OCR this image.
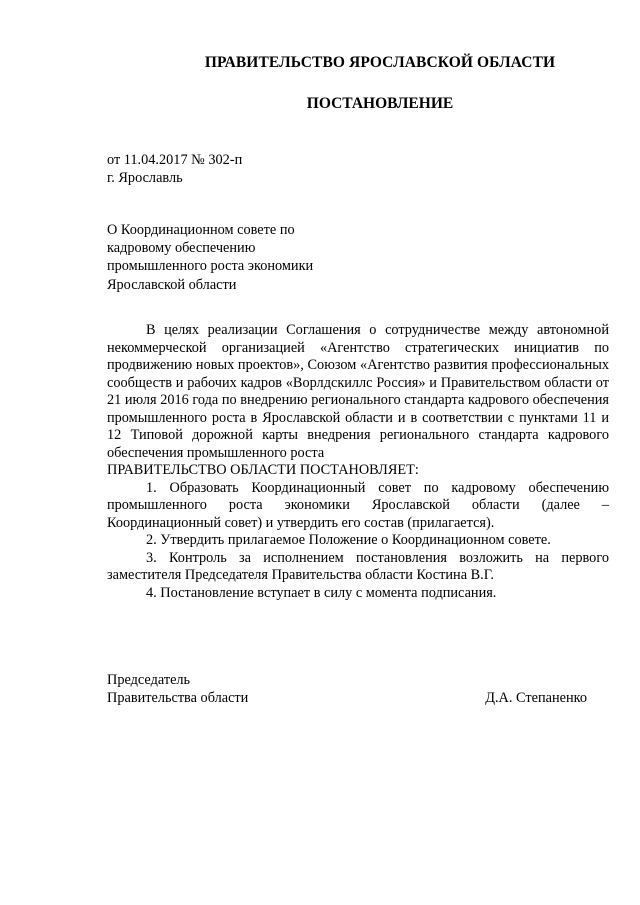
ПРАВИТЕЛЬСТВО ЯРОСЛАВСКОЙ ОБЛАСТИ
ПОСТАНОВЛЕНИЕ
от 11.04.2017 № 302-п
г. Ярославль
О Координационном совете по
кадровому обеспечению
промышленного роста экономики
Ярославской области

В целях реализации Соглашения о сотрудничестве между автономной некоммерческой организацией «Агентство стратегических инициатив по продвижению новых проектов», Союзом «Агентство развития профессиональных сообществ и рабочих кадров «Ворлдскиллс Россия» и Правительством области от 21 июля 2016 года по внедрению регионального стандарта кадрового обеспечения промышленного роста в Ярославской области и в соответствии с пунктами 11 и 12 Типовой дорожной карты внедрения регионального стандарта кадрового обеспечения промышленного роста

ПРАВИТЕЛЬСТВО ОБЛАСТИ ПОСТАНОВЛЯЕТ:

1. Образовать Координационный совет по кадровому обеспечению промышленного роста экономики Ярославской области (далее – Координационный совет) и утвердить его состав (прилагается).

2. Утвердить прилагаемое Положение о Координационном совете.

3. Контроль за исполнением постановления возложить на первого заместителя Председателя Правительства области Костина В.Г.

4. Постановление вступает в силу с момента подписания.

Председатель
Правительства области	Д.А. Степаненко
